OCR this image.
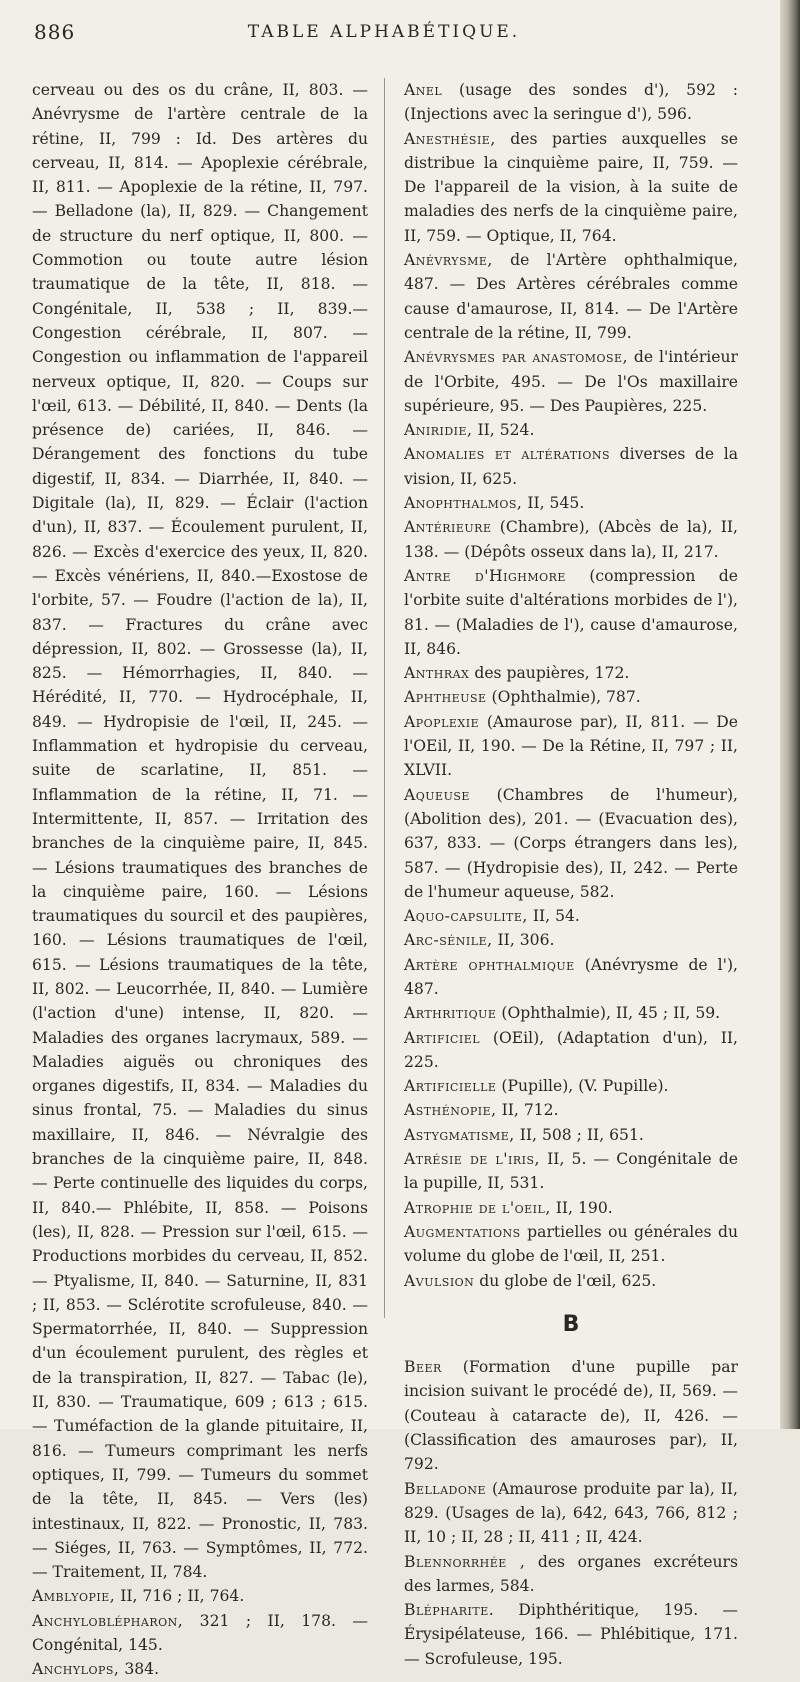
886	TABLE ALPHABÉTIQUE.

cerveau ou des os du crâne, II, 803. — Anévrysme de l'artère centrale de la rétine, II, 799 : Id. Des artères du cerveau, II, 814. — Apoplexie cérébrale, II, 811. — Apoplexie de la rétine, II, 797. — Belladone (la), II, 829. — Changement de structure du nerf optique, II, 800. — Commotion ou toute autre lésion traumatique de la tête, II, 818. —Congénitale, II, 538 ; II, 839.— Congestion cérébrale, II, 807. — Congestion ou inflammation de l'appareil nerveux optique, II, 820. — Coups sur l'œil, 613. — Débilité, II, 840. — Dents (la présence de) cariées, II, 846. — Dérangement des fonctions du tube digestif, II, 834. — Diarrhée, II, 840. — Digitale (la), II, 829. — Éclair (l'action d'un), II, 837. — Écoulement purulent, II, 826. — Excès d'exercice des yeux, II, 820. — Excès vénériens, II, 840.—Exostose de l'orbite, 57. — Foudre (l'action de la), II, 837. — Fractures du crâne avec dépression, II, 802. — Grossesse (la), II, 825. — Hémorrhagies, II, 840. — Hérédité, II, 770. — Hydrocéphale, II, 849. — Hydropisie de l'œil, II, 245. — Inflammation et hydropisie du cerveau, suite de scarlatine, II, 851. — Inflammation de la rétine, II, 71. — Intermittente, II, 857. — Irritation des branches de la cinquième paire, II, 845. — Lésions traumatiques des branches de la cinquième paire, 160. — Lésions traumatiques du sourcil et des paupières, 160. — Lésions traumatiques de l'œil, 615. — Lésions traumatiques de la tête, II, 802. — Leucorrhée, II, 840. — Lumière (l'action d'une) intense, II, 820. — Maladies des organes lacrymaux, 589. — Maladies aiguës ou chroniques des organes digestifs, II, 834. — Maladies du sinus frontal, 75. — Maladies du sinus maxillaire, II, 846. — Névralgie des branches de la cinquième paire, II, 848. — Perte continuelle des liquides du corps, II, 840.— Phlébite, II, 858. — Poisons (les), II, 828. — Pression sur l'œil, 615. — Productions morbides du cerveau, II, 852. — Ptyalisme, II, 840. — Saturnine, II, 831 ; II, 853. — Sclérotite scrofuleuse, 840. — Spermatorrhée, II, 840. — Suppression d'un écoulement purulent, des règles et de la transpiration, II, 827. — Tabac (le), II, 830. — Traumatique, 609 ; 613 ; 615. — Tuméfaction de la glande pituitaire, II, 816. — Tumeurs comprimant les nerfs optiques, II, 799. — Tumeurs du sommet de la tête, II, 845. — Vers (les) intestinaux, II, 822. — Pronostic, II, 783. — Siéges, II, 763. — Symptômes, II, 772. — Traitement, II, 784.

Amblyopie, II, 716 ; II, 764.

Anchyloblépharon, 321 ; II, 178. — Congénital, 145.

Anchylops, 384.

Anel (usage des sondes d'), 592 : (Injections avec la seringue d'), 596.

Anesthésie, des parties auxquelles se distribue la cinquième paire, II, 759. — De l'appareil de la vision, à la suite de maladies des nerfs de la cinquième paire, II, 759. — Optique, II, 764.

Anévrysme, de l'Artère ophthalmique, 487. — Des Artères cérébrales comme cause d'amaurose, II, 814. — De l'Artère centrale de la rétine, II, 799.

Anévrysmes par anastomose, de l'intérieur de l'Orbite, 495. — De l'Os maxillaire supérieure, 95. — Des Paupières, 225.

Aniridie, II, 524.

Anomalies et altérations diverses de la vision, II, 625.

Anophthalmos, II, 545.

Antérieure (Chambre), (Abcès de la), II, 138. — (Dépôts osseux dans la), II, 217.

Antre d'Highmore (compression de l'orbite suite d'altérations morbides de l'), 81. — (Maladies de l'), cause d'amaurose, II, 846.

Anthrax des paupières, 172.

Aphtheuse (Ophthalmie), 787.

Apoplexie (Amaurose par), II, 811. — De l'OEil, II, 190. — De la Rétine, II, 797 ; II, XLVII.

Aqueuse (Chambres de l'humeur), (Abolition des), 201. — (Evacuation des), 637, 833. — (Corps étrangers dans les), 587. — (Hydropisie des), II, 242. — Perte de l'humeur aqueuse, 582.

Aquo-capsulite, II, 54.

Arc-sénile, II, 306.

Artère ophthalmique (Anévrysme de l'), 487.

Arthritique (Ophthalmie), II, 45 ; II, 59.

Artificiel (OEil), (Adaptation d'un), II, 225.

Artificielle (Pupille), (V. Pupille).

Asthénopie, II, 712.

Astygmatisme, II, 508 ; II, 651.

Atrésie de l'iris, II, 5. — Congénitale de la pupille, II, 531.

Atrophie de l'oeil, II, 190.

Augmentations partielles ou générales du volume du globe de l'œil, II, 251.

Avulsion du globe de l'œil, 625.

B

Beer (Formation d'une pupille par incision suivant le procédé de), II, 569. — (Couteau à cataracte de), II, 426. — (Classification des amauroses par), II, 792.

Belladone (Amaurose produite par la), II, 829. (Usages de la), 642, 643, 766, 812 ; II, 10 ; II, 28 ; II, 411 ; II, 424.

Blennorrhée , des organes excréteurs des larmes, 584.

Blépharite. Diphthéritique, 195. — Érysipélateuse, 166. — Phlébitique, 171. — Scrofuleuse, 195.
